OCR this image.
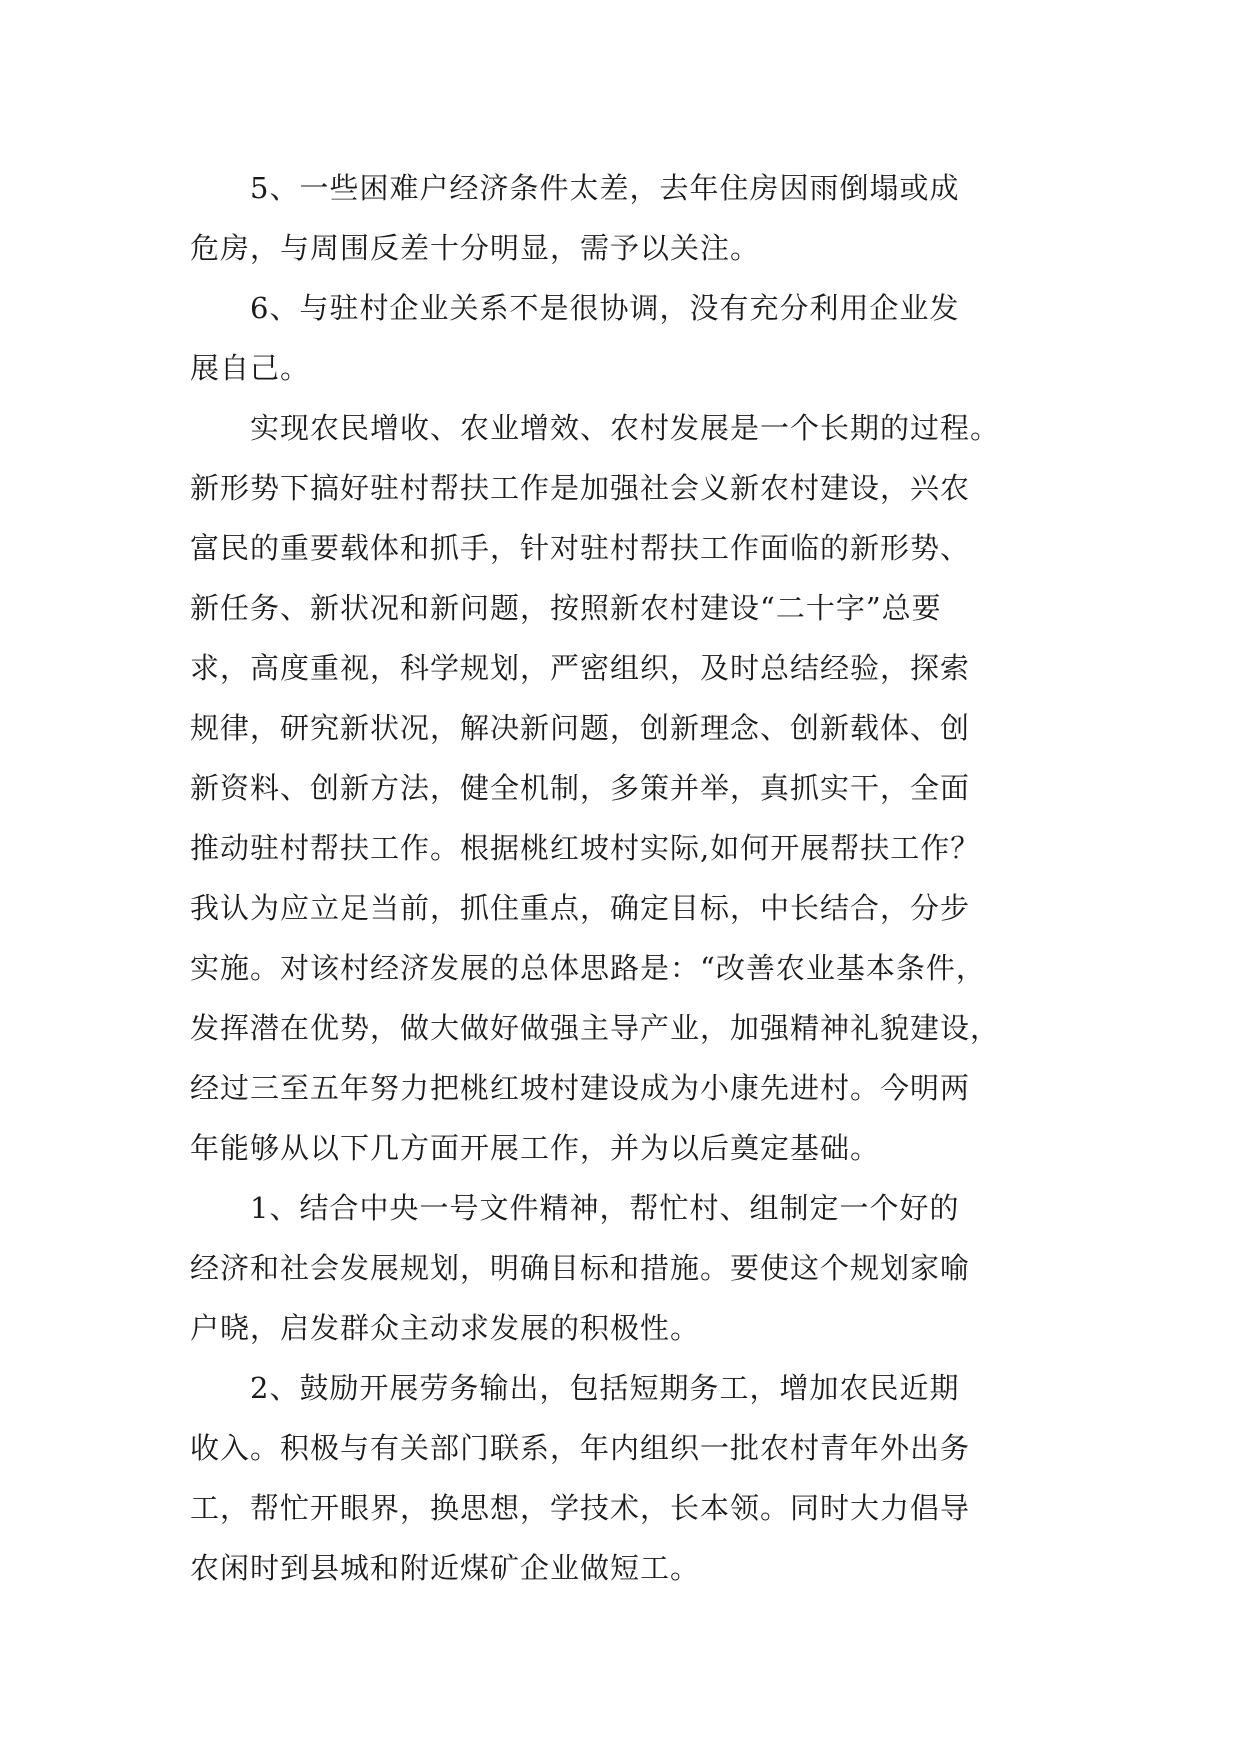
5、一些困难户经济条件太差，去年住房因雨倒塌或成
危房，与周围反差十分明显，需予以关注。
6、与驻村企业关系不是很协调，没有充分利用企业发
展自己。
实现农民增收、农业增效、农村发展是一个长期的过程。
新形势下搞好驻村帮扶工作是加强社会义新农村建设，兴农
富民的重要载体和抓手，针对驻村帮扶工作面临的新形势、
新任务、新状况和新问题，按照新农村建设“二十字”总要
求，高度重视，科学规划，严密组织，及时总结经验，探索
规律，研究新状况，解决新问题，创新理念、创新载体、创
新资料、创新方法，健全机制，多策并举，真抓实干，全面
推动驻村帮扶工作。根据桃红坡村实际,如何开展帮扶工作？
我认为应立足当前，抓住重点，确定目标，中长结合，分步
实施。对该村经济发展的总体思路是：“改善农业基本条件，
发挥潜在优势，做大做好做强主导产业，加强精神礼貌建设，
经过三至五年努力把桃红坡村建设成为小康先进村。今明两
年能够从以下几方面开展工作，并为以后奠定基础。
1、结合中央一号文件精神，帮忙村、组制定一个好的
经济和社会发展规划，明确目标和措施。要使这个规划家喻
户晓，启发群众主动求发展的积极性。
2、鼓励开展劳务输出，包括短期务工，增加农民近期
收入。积极与有关部门联系，年内组织一批农村青年外出务
工，帮忙开眼界，换思想，学技术，长本领。同时大力倡导
农闲时到县城和附近煤矿企业做短工。
